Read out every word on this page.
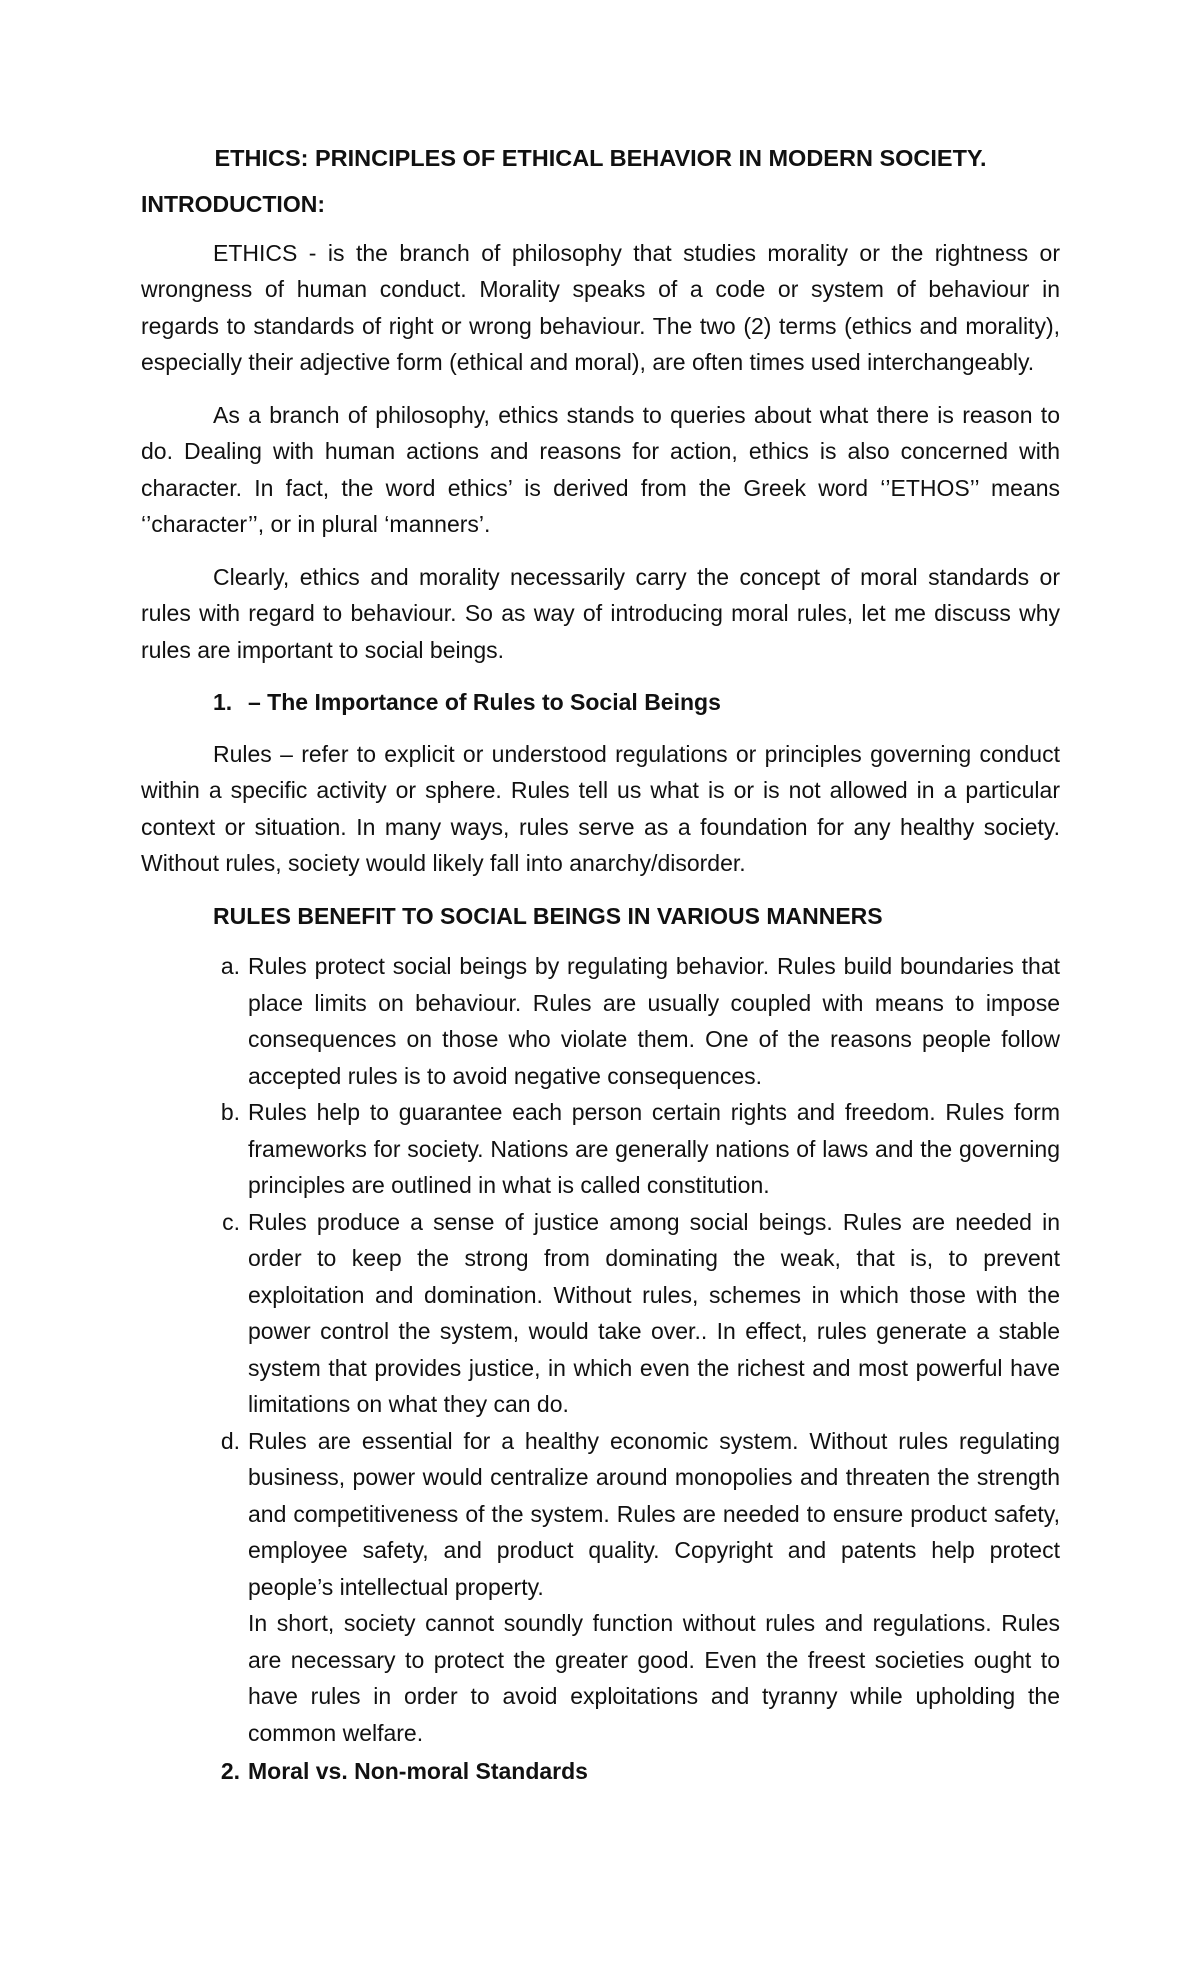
ETHICS: PRINCIPLES OF ETHICAL BEHAVIOR IN MODERN SOCIETY.
INTRODUCTION:

ETHICS - is the branch of philosophy that studies morality or the rightness or wrongness of human conduct. Morality speaks of a code or system of behaviour in regards to standards of right or wrong behaviour. The two (2) terms (ethics and morality), especially their adjective form (ethical and moral), are often times used interchangeably.

As a branch of philosophy, ethics stands to queries about what there is reason to do. Dealing with human actions and reasons for action, ethics is also concerned with character. In fact, the word ethics’ is derived from the Greek word ‘’ETHOS’’ means ‘’character’’, or in plural ‘manners’.

Clearly, ethics and morality necessarily carry the concept of moral standards or rules with regard to behaviour. So as way of introducing moral rules, let me discuss why rules are important to social beings.

1. – The Importance of Rules to Social Beings

Rules – refer to explicit or understood regulations or principles governing conduct within a specific activity or sphere. Rules tell us what is or is not allowed in a particular context or situation. In many ways, rules serve as a foundation for any healthy society. Without rules, society would likely fall into anarchy/disorder.

RULES BENEFIT TO SOCIAL BEINGS IN VARIOUS MANNERS
a. Rules protect social beings by regulating behavior. Rules build boundaries that place limits on behaviour. Rules are usually coupled with means to impose consequences on those who violate them. One of the reasons people follow accepted rules is to avoid negative consequences.
b. Rules help to guarantee each person certain rights and freedom. Rules form frameworks for society. Nations are generally nations of laws and the governing principles are outlined in what is called constitution.
c. Rules produce a sense of justice among social beings. Rules are needed in order to keep the strong from dominating the weak, that is, to prevent exploitation and domination. Without rules, schemes in which those with the power control the system, would take over.. In effect, rules generate a stable system that provides justice, in which even the richest and most powerful have limitations on what they can do.
d. Rules are essential for a healthy economic system. Without rules regulating business, power would centralize around monopolies and threaten the strength and competitiveness of the system. Rules are needed to ensure product safety, employee safety, and product quality. Copyright and patents help protect people’s intellectual property.
In short, society cannot soundly function without rules and regulations. Rules are necessary to protect the greater good. Even the freest societies ought to have rules in order to avoid exploitations and tyranny while upholding the common welfare.
2. Moral vs. Non-moral Standards
